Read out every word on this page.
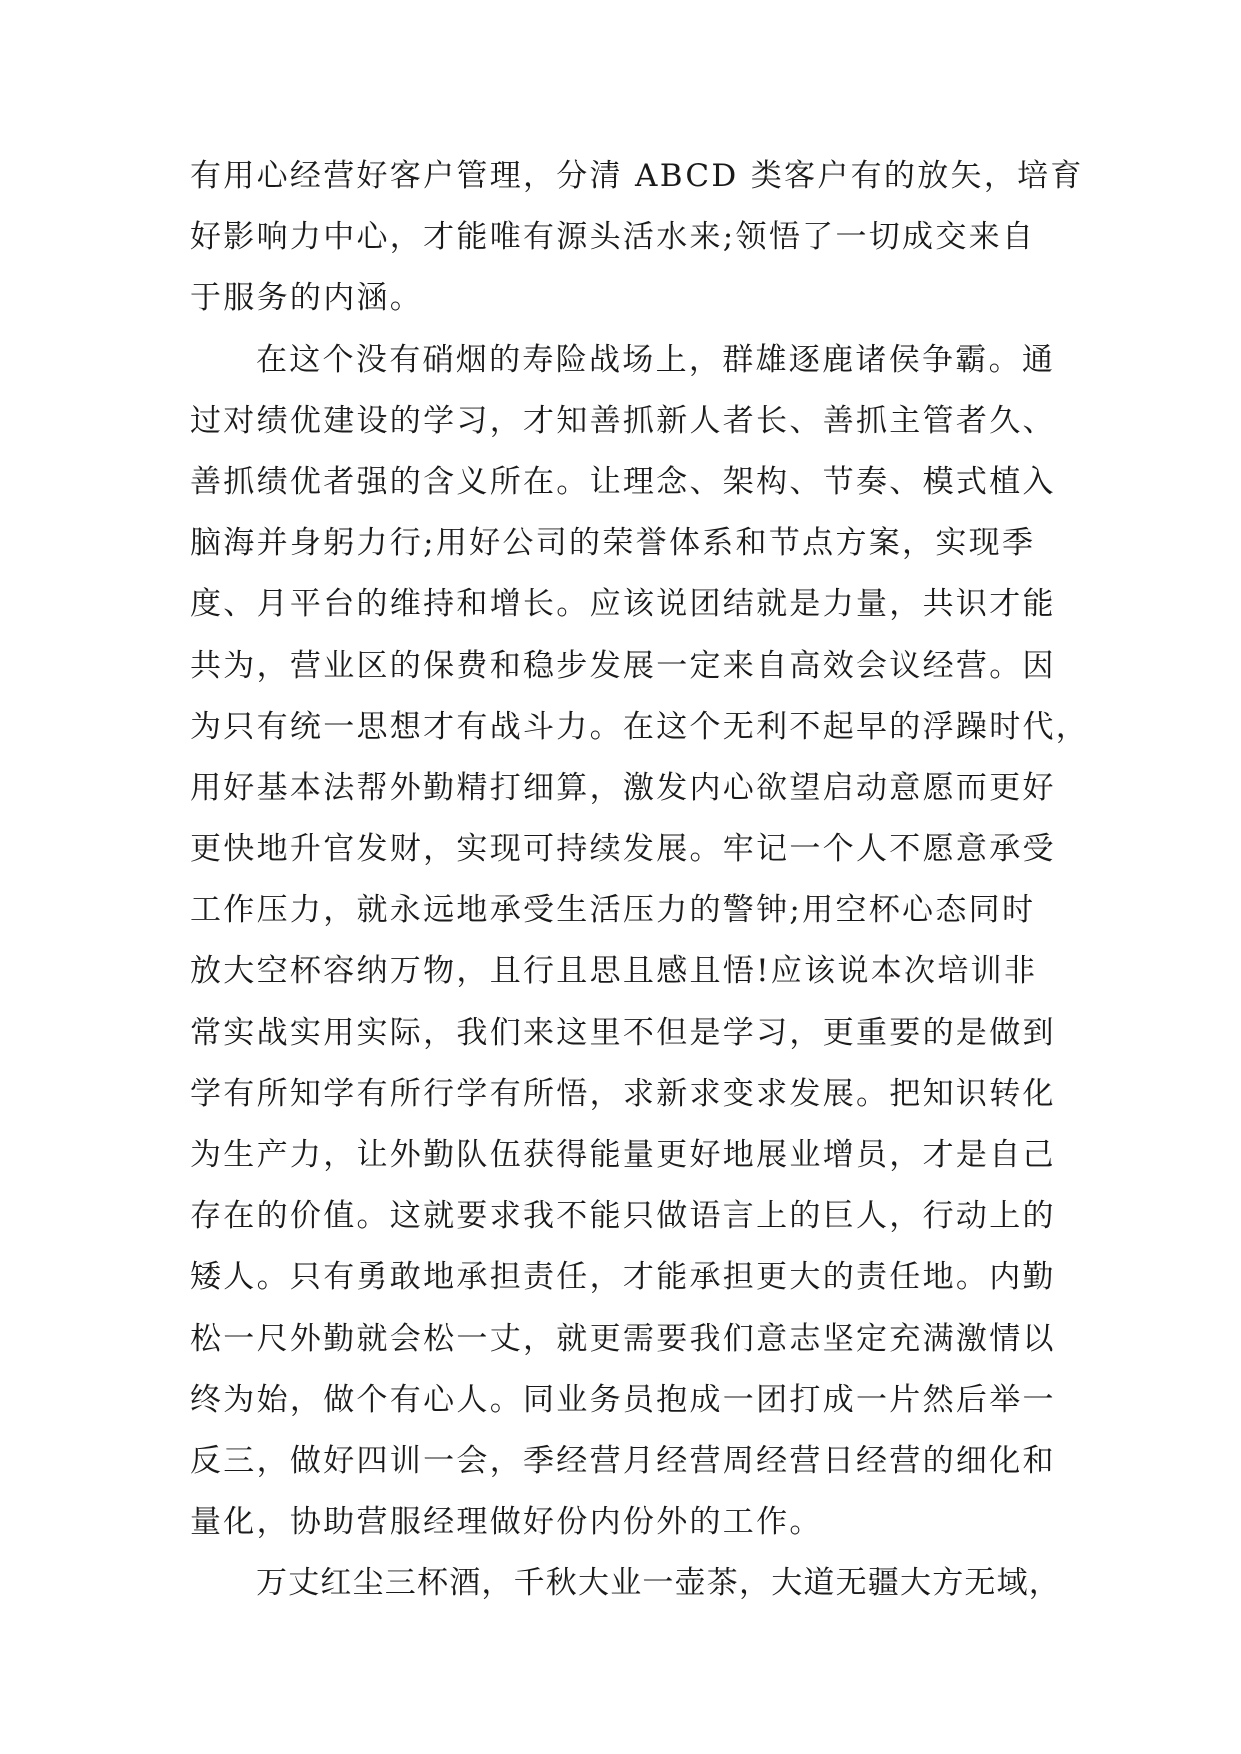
有用心经营好客户管理，分清 ABCD 类客户有的放矢，培育
好影响力中心，才能唯有源头活水来;领悟了一切成交来自
于服务的内涵。
在这个没有硝烟的寿险战场上，群雄逐鹿诸侯争霸。通
过对绩优建设的学习，才知善抓新人者长、善抓主管者久、
善抓绩优者强的含义所在。让理念、架构、节奏、模式植入
脑海并身躬力行;用好公司的荣誉体系和节点方案，实现季
度、月平台的维持和增长。应该说团结就是力量，共识才能
共为，营业区的保费和稳步发展一定来自高效会议经营。因
为只有统一思想才有战斗力。在这个无利不起早的浮躁时代，
用好基本法帮外勤精打细算，激发内心欲望启动意愿而更好
更快地升官发财，实现可持续发展。牢记一个人不愿意承受
工作压力，就永远地承受生活压力的警钟;用空杯心态同时
放大空杯容纳万物，且行且思且感且悟!应该说本次培训非
常实战实用实际，我们来这里不但是学习，更重要的是做到
学有所知学有所行学有所悟，求新求变求发展。把知识转化
为生产力，让外勤队伍获得能量更好地展业增员，才是自己
存在的价值。这就要求我不能只做语言上的巨人，行动上的
矮人。只有勇敢地承担责任，才能承担更大的责任地。内勤
松一尺外勤就会松一丈，就更需要我们意志坚定充满激情以
终为始，做个有心人。同业务员抱成一团打成一片然后举一
反三，做好四训一会，季经营月经营周经营日经营的细化和
量化，协助营服经理做好份内份外的工作。
万丈红尘三杯酒，千秋大业一壶茶，大道无疆大方无域，
